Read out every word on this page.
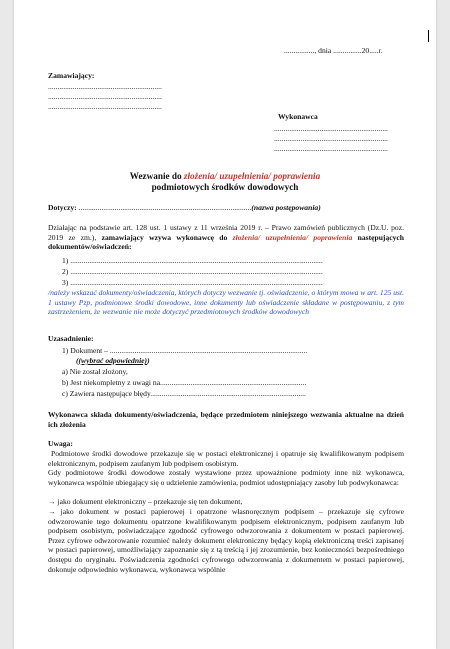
................, dnia ...............20.....r.
Zamawiający:
............................................................
............................................................
............................................................
Wykonawca
............................................................
............................................................
............................................................
Wezwanie do złożenia/ uzupełnienia/ poprawienia
podmiotowych środków dowodowych
Dotyczy: ...........................................................................................(nazwa postępowania)
Działając na podstawie art. 128 ust. 1 ustawy z 11 września 2019 r. – Prawo zamówień publicznych (Dz.U. poz. 2019 ze zm.), zamawiający wzywa wykonawcę do złożenia/ uzupełnienia/ poprawienia następujących dokumentów/oświadczeń:
1) .....................................................................................................................................
2) .....................................................................................................................................
3) .....................................................................................................................................
/należy wskazać dokumenty/oświadczenia, których dotyczy wezwanie tj. oświadczenie, o którym mowa w art. 125 ust. 1 ustawy Pzp, podmiotowe środki dowodowe, inne dokumenty lub oświadczenie składane w postępowaniu, z tym zastrzeżeniem, że wezwanie nie może dotyczyć przedmiotowych środków dowodowych
Uzasadnienie:
1) Dokument – ........................................................................................................
((wybrać odpowiednie))
a) Nie został złożony,
b) Jest niekompletny z uwagi na.............................................................................
c) Zawiera następujące błędy..................................................................................
Wykonawca składa dokumenty/oświadczenia, będące przedmiotem niniejszego wezwania aktualne na dzień ich złożenia
Uwaga:
Podmiotowe środki dowodowe przekazuje się w postaci elektronicznej i opatruje się kwalifikowanym podpisem elektronicznym, podpisem zaufanym lub podpisem osobistym.
Gdy podmiotowe środki dowodowe zostały wystawione przez upoważnione podmioty inne niż wykonawca, wykonawca wspólnie ubiegający się o udzielenie zamówienia, podmiot udostępniający zasoby lub podwykonawca:
→ jako dokument elektroniczny – przekazuje się ten dokument,
→ jako dokument w postaci papierowej i opatrzone własnoręcznym podpisem – przekazuje się cyfrowe odwzorowanie tego dokumentu opatrzone kwalifikowanym podpisem elektronicznym, podpisem zaufanym lub podpisem osobistym, poświadczające zgodność cyfrowego odwzorowania z dokumentem w postaci papierowej. Przez cyfrowe odwzorowanie rozumieć należy dokument elektroniczny będący kopią elektroniczną treści zapisanej w postaci papierowej, umożliwiający zapoznanie się z tą treścią i jej zrozumienie, bez konieczności bezpośredniego dostępu do oryginału. Poświadczenia zgodności cyfrowego odwzorowania z dokumentem w postaci papierowej, dokonuje odpowiednio wykonawca, wykonawca wspólnie
